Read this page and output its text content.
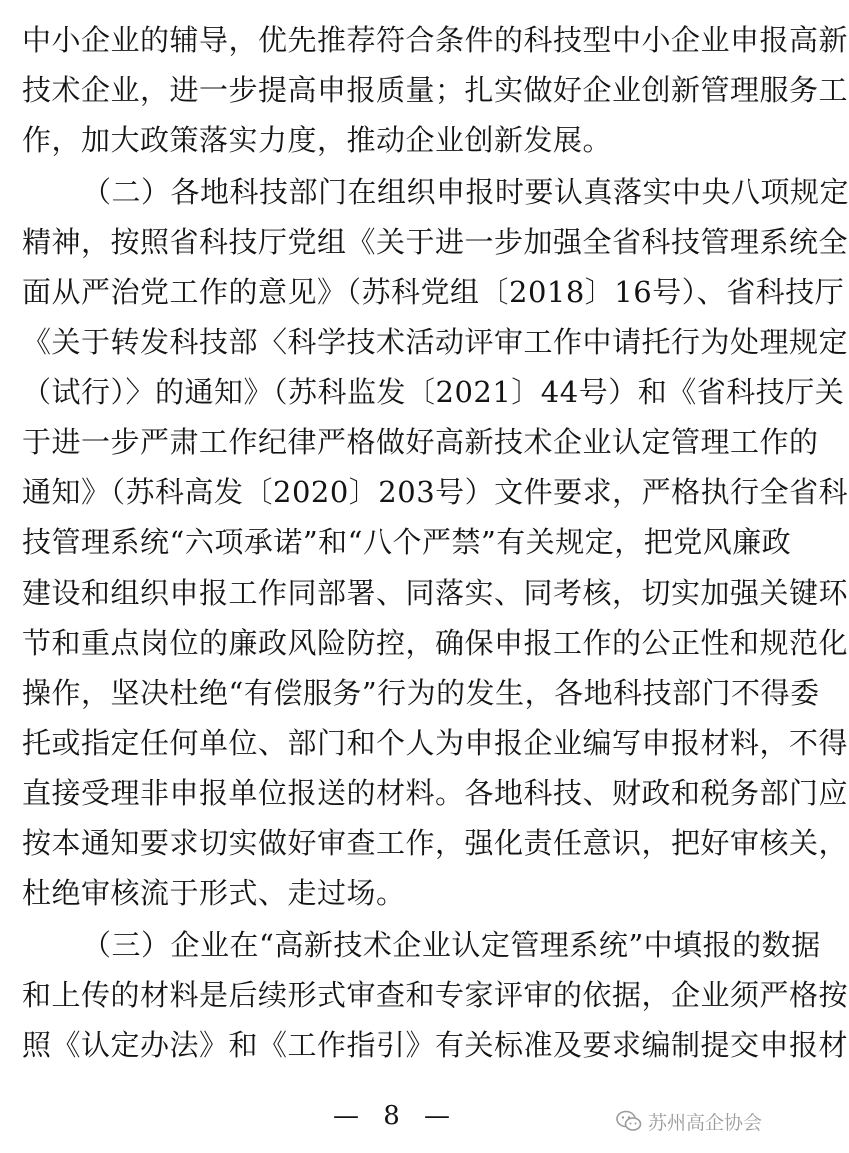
中小企业的辅导，优先推荐符合条件的科技型中小企业申报高新
技术企业，进一步提高申报质量；扎实做好企业创新管理服务工
作，加大政策落实力度，推动企业创新发展。
（二）各地科技部门在组织申报时要认真落实中央八项规定
精神，按照省科技厅党组《关于进一步加强全省科技管理系统全
面从严治党工作的意见》（苏科党组〔2018〕16号）、省科技厅
《关于转发科技部〈科学技术活动评审工作中请托行为处理规定
（试行）〉的通知》（苏科监发〔2021〕44号）和《省科技厅关
于进一步严肃工作纪律严格做好高新技术企业认定管理工作的
通知》（苏科高发〔2020〕203号）文件要求，严格执行全省科
技管理系统“六项承诺”和“八个严禁”有关规定，把党风廉政
建设和组织申报工作同部署、同落实、同考核，切实加强关键环
节和重点岗位的廉政风险防控，确保申报工作的公正性和规范化
操作，坚决杜绝“有偿服务”行为的发生，各地科技部门不得委
托或指定任何单位、部门和个人为申报企业编写申报材料，不得
直接受理非申报单位报送的材料。各地科技、财政和税务部门应
按本通知要求切实做好审查工作，强化责任意识，把好审核关，
杜绝审核流于形式、走过场。
（三）企业在“高新技术企业认定管理系统”中填报的数据
和上传的材料是后续形式审查和专家评审的依据，企业须严格按
照《认定办法》和《工作指引》有关标准及要求编制提交申报材
— 8 —	苏州高企协会
